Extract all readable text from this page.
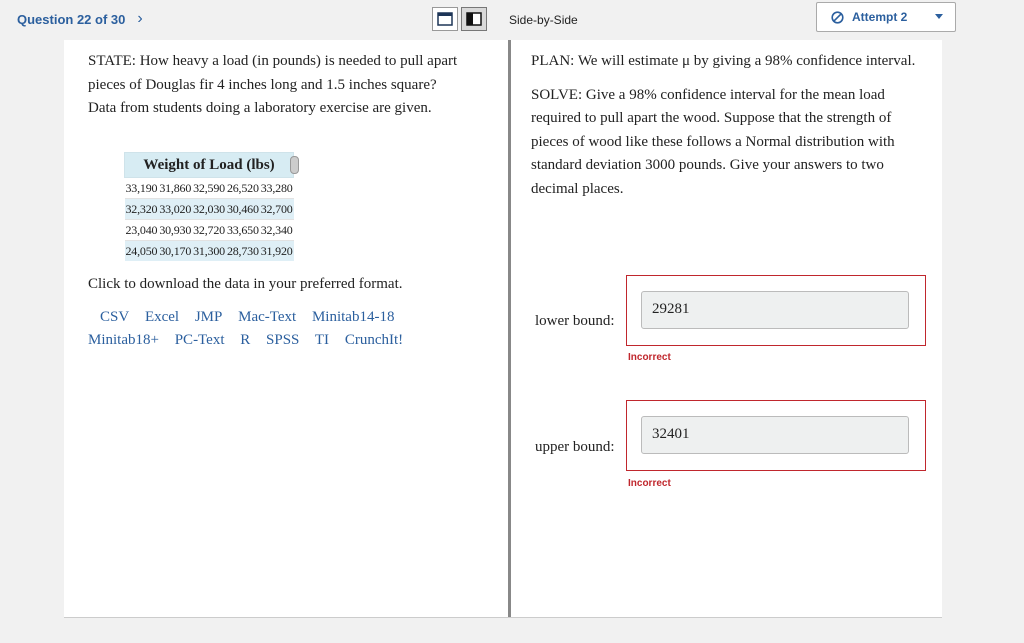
Question 22 of 30 ›	Side-by-Side	Attempt 2

STATE: How heavy a load (in pounds) is needed to pull apart pieces of Douglas fir 4 inches long and 1.5 inches square? Data from students doing a laboratory exercise are given.

Weight of Load (lbs)				

33,190	31,860	32,590	26,520	33,280
32,320	33,020	32,030	30,460	32,700
23,040	30,930	32,720	33,650	32,340
24,050	30,170	31,300	28,730	31,920
Click to download the data in your preferred format.
CSV Excel JMP Mac-Text Minitab14-18
Minitab18+ PC-Text R SPSS TI CrunchIt!

PLAN: We will estimate μ by giving a 98% confidence interval.

SOLVE: Give a 98% confidence interval for the mean load required to pull apart the wood. Suppose that the strength of pieces of wood like these follows a Normal distribution with standard deviation 3000 pounds. Give your answers to two decimal places.

lower bound:
29281
Incorrect
upper bound:
32401
Incorrect
